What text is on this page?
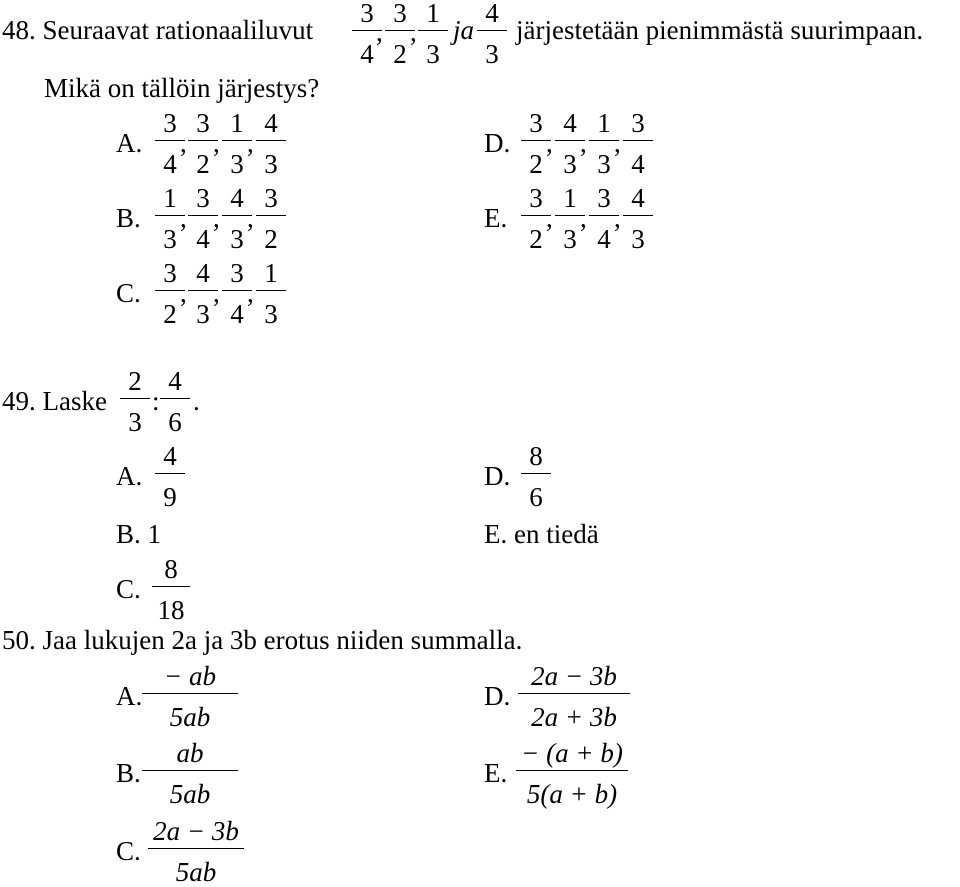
48. Seuraavat rationaaliluvut
3
4
,
3
2
,
1
3
ja
4
3
järjestetään pienimmästä suurimpaan.
Mikä on tällöin järjestys?
A.
3
4
,
3
2
,
1
3
,
4
3
B.
1
3
,
3
4
,
4
3
,
3
2
C.
3
2
,
4
3
,
3
4
,
1
3
D.
3
2
,
4
3
,
1
3
,
3
4
E.
3
2
,
1
3
,
3
4
,
4
3
49. Laske
2
3
:
4
6
.
A.
4
9
B. 1
C.
8
18
D.
8
6
E. en tiedä
50. Jaa lukujen 2a ja 3b erotus niiden summalla.
A.
− ab
5ab
B.
ab
5ab
C.
2a − 3b
5ab
D.
2a − 3b
2a + 3b
E.
− (a + b)
5(a + b)
